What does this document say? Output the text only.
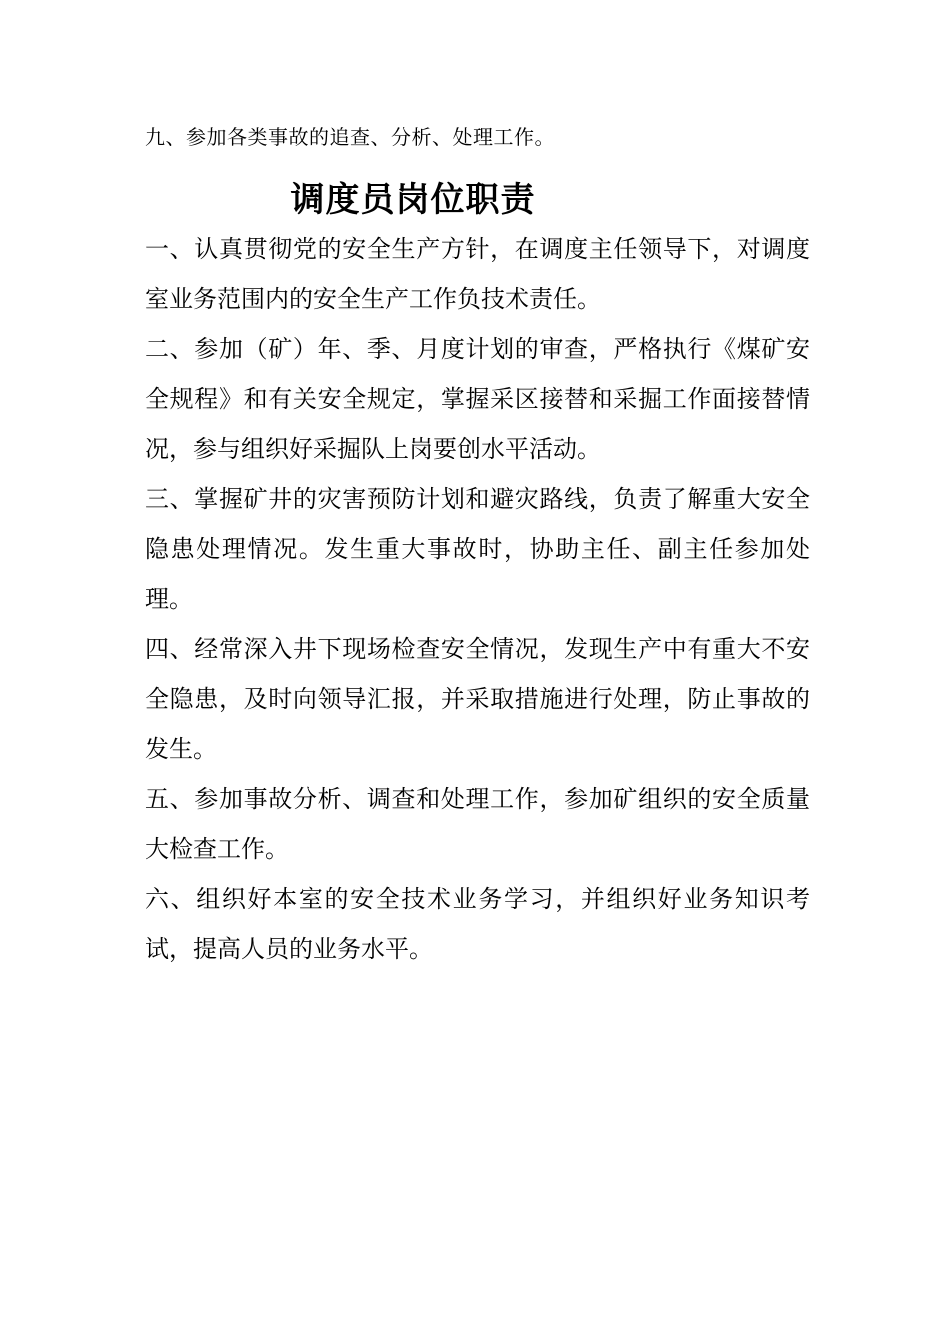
九、参加各类事故的追查、分析、处理工作。
调度员岗位职责

一、认真贯彻党的安全生产方针，在调度主任领导下，对调度室业务范围内的安全生产工作负技术责任。

二、参加（矿）年、季、月度计划的审查，严格执行《煤矿安全规程》和有关安全规定，掌握采区接替和采掘工作面接替情况，参与组织好采掘队上岗要创水平活动。

三、掌握矿井的灾害预防计划和避灾路线，负责了解重大安全隐患处理情况。发生重大事故时，协助主任、副主任参加处理。

四、经常深入井下现场检查安全情况，发现生产中有重大不安全隐患，及时向领导汇报，并采取措施进行处理，防止事故的发生。

五、参加事故分析、调查和处理工作，参加矿组织的安全质量大检查工作。

六、组织好本室的安全技术业务学习，并组织好业务知识考试，提高人员的业务水平。
